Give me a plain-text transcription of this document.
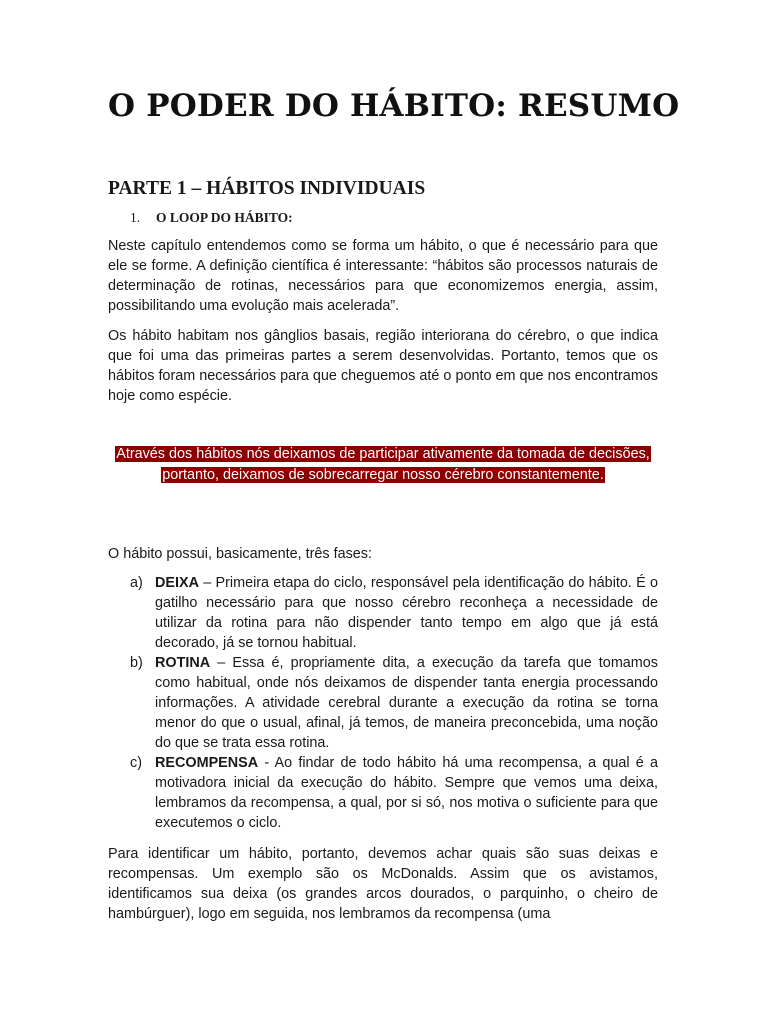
O PODER DO HÁBITO: RESUMO
PARTE 1 – HÁBITOS INDIVIDUAIS
1. O LOOP DO HÁBITO:

Neste capítulo entendemos como se forma um hábito, o que é necessário para que ele se forme. A definição científica é interessante: “hábitos são processos naturais de determinação de rotinas, necessários para que economizemos energia, assim, possibilitando uma evolução mais acelerada”.

Os hábito habitam nos gânglios basais, região interiorana do cérebro, o que indica que foi uma das primeiras partes a serem desenvolvidas. Portanto, temos que os hábitos foram necessários para que cheguemos até o ponto em que nos encontramos hoje como espécie.

Através dos hábitos nós deixamos de participar ativamente da tomada de decisões, portanto, deixamos de sobrecarregar nosso cérebro constantemente.

O hábito possui, basicamente, três fases:

a) DEIXA – Primeira etapa do ciclo, responsável pela identificação do hábito. É o gatilho necessário para que nosso cérebro reconheça a necessidade de utilizar da rotina para não dispender tanto tempo em algo que já está decorado, já se tornou habitual.
b) ROTINA – Essa é, propriamente dita, a execução da tarefa que tomamos como habitual, onde nós deixamos de dispender tanta energia processando informações. A atividade cerebral durante a execução da rotina se torna menor do que o usual, afinal, já temos, de maneira preconcebida, uma noção do que se trata essa rotina.
c) RECOMPENSA - Ao findar de todo hábito há uma recompensa, a qual é a motivadora inicial da execução do hábito. Sempre que vemos uma deixa, lembramos da recompensa, a qual, por si só, nos motiva o suficiente para que executemos o ciclo.

Para identificar um hábito, portanto, devemos achar quais são suas deixas e recompensas. Um exemplo são os McDonalds. Assim que os avistamos, identificamos sua deixa (os grandes arcos dourados, o parquinho, o cheiro de hambúrguer), logo em seguida, nos lembramos da recompensa (uma
